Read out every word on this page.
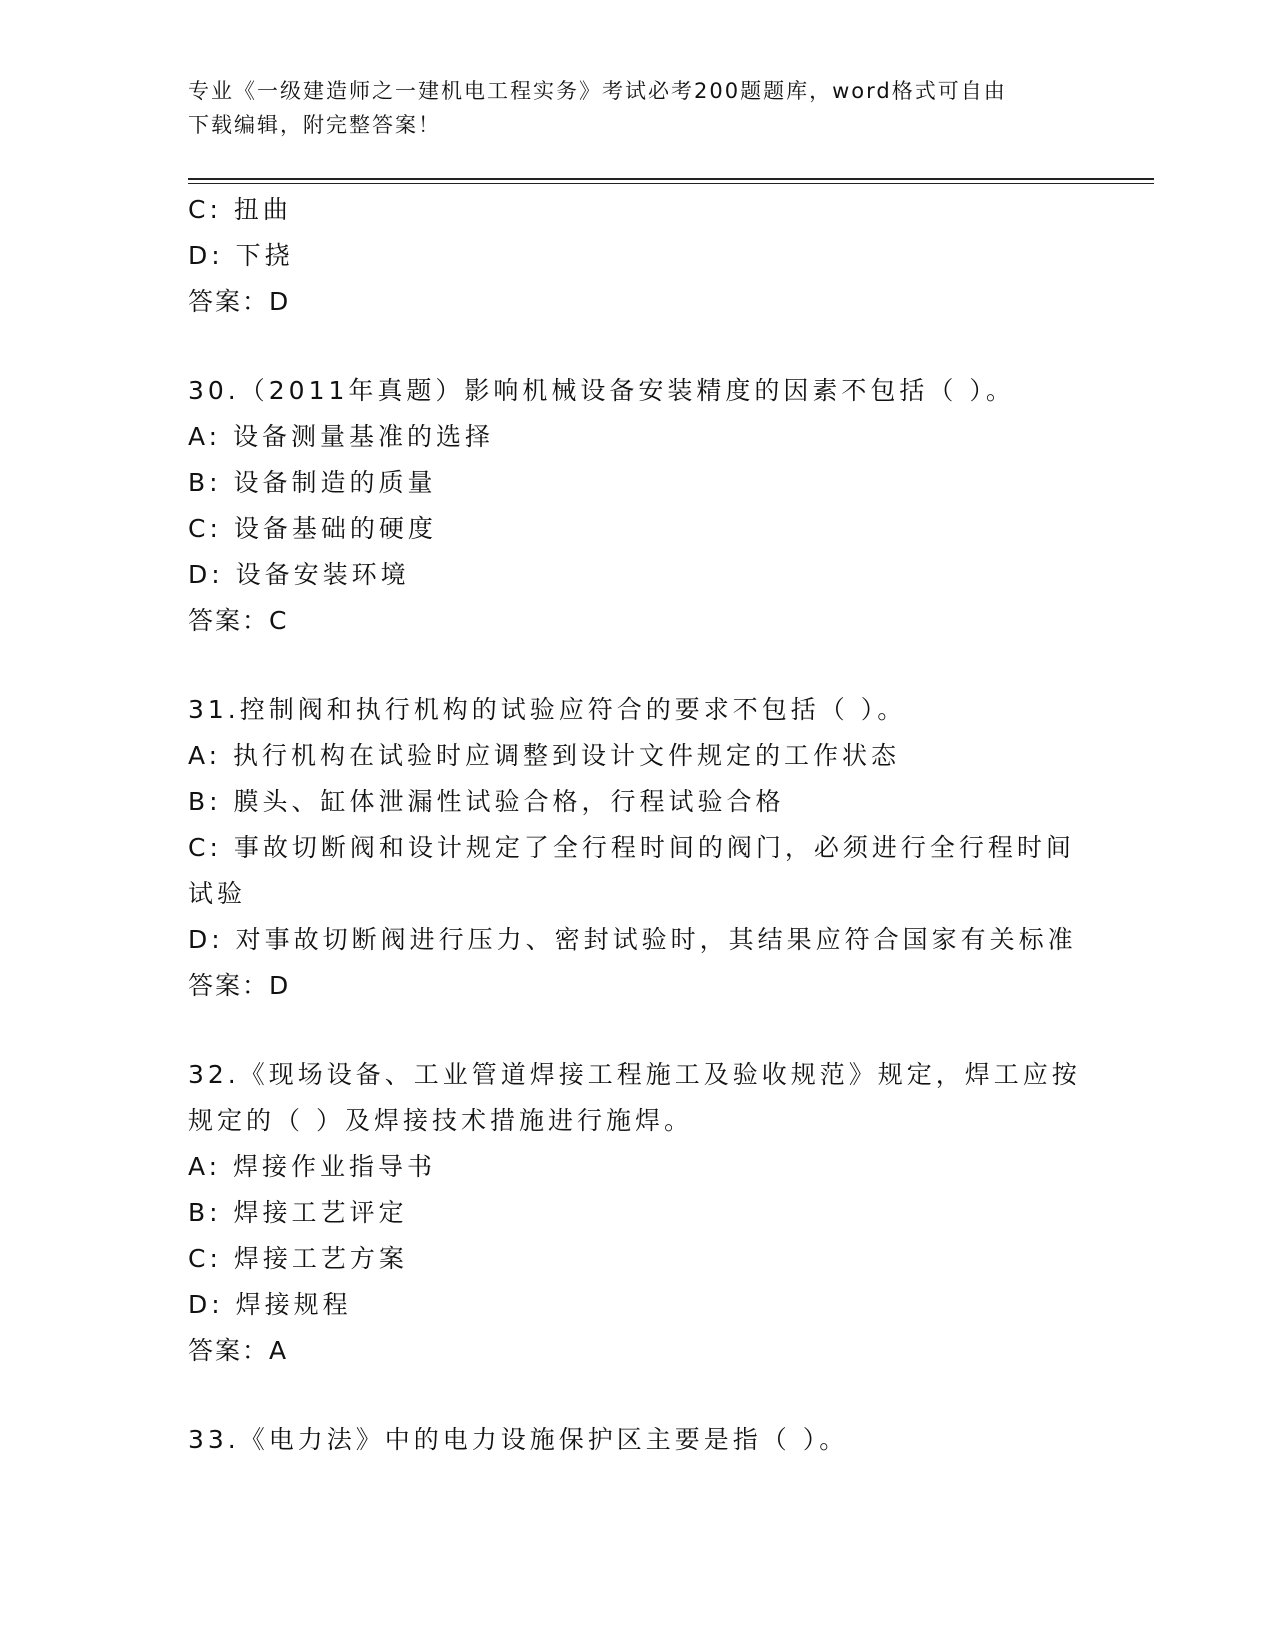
专业《一级建造师之一建机电工程实务》考试必考200题题库，word格式可自由
下载编辑，附完整答案！
C: 扭曲
D: 下挠
答案：D
30.（2011年真题）影响机械设备安装精度的因素不包括（ ）。
A: 设备测量基准的选择
B: 设备制造的质量
C: 设备基础的硬度
D: 设备安装环境
答案：C
31.控制阀和执行机构的试验应符合的要求不包括（ ）。
A: 执行机构在试验时应调整到设计文件规定的工作状态
B: 膜头、缸体泄漏性试验合格，行程试验合格
C: 事故切断阀和设计规定了全行程时间的阀门，必须进行全行程时间
试验
D: 对事故切断阀进行压力、密封试验时，其结果应符合国家有关标准
答案：D
32.《现场设备、工业管道焊接工程施工及验收规范》规定，焊工应按
规定的（ ）及焊接技术措施进行施焊。
A: 焊接作业指导书
B: 焊接工艺评定
C: 焊接工艺方案
D: 焊接规程
答案：A
33.《电力法》中的电力设施保护区主要是指（ ）。
